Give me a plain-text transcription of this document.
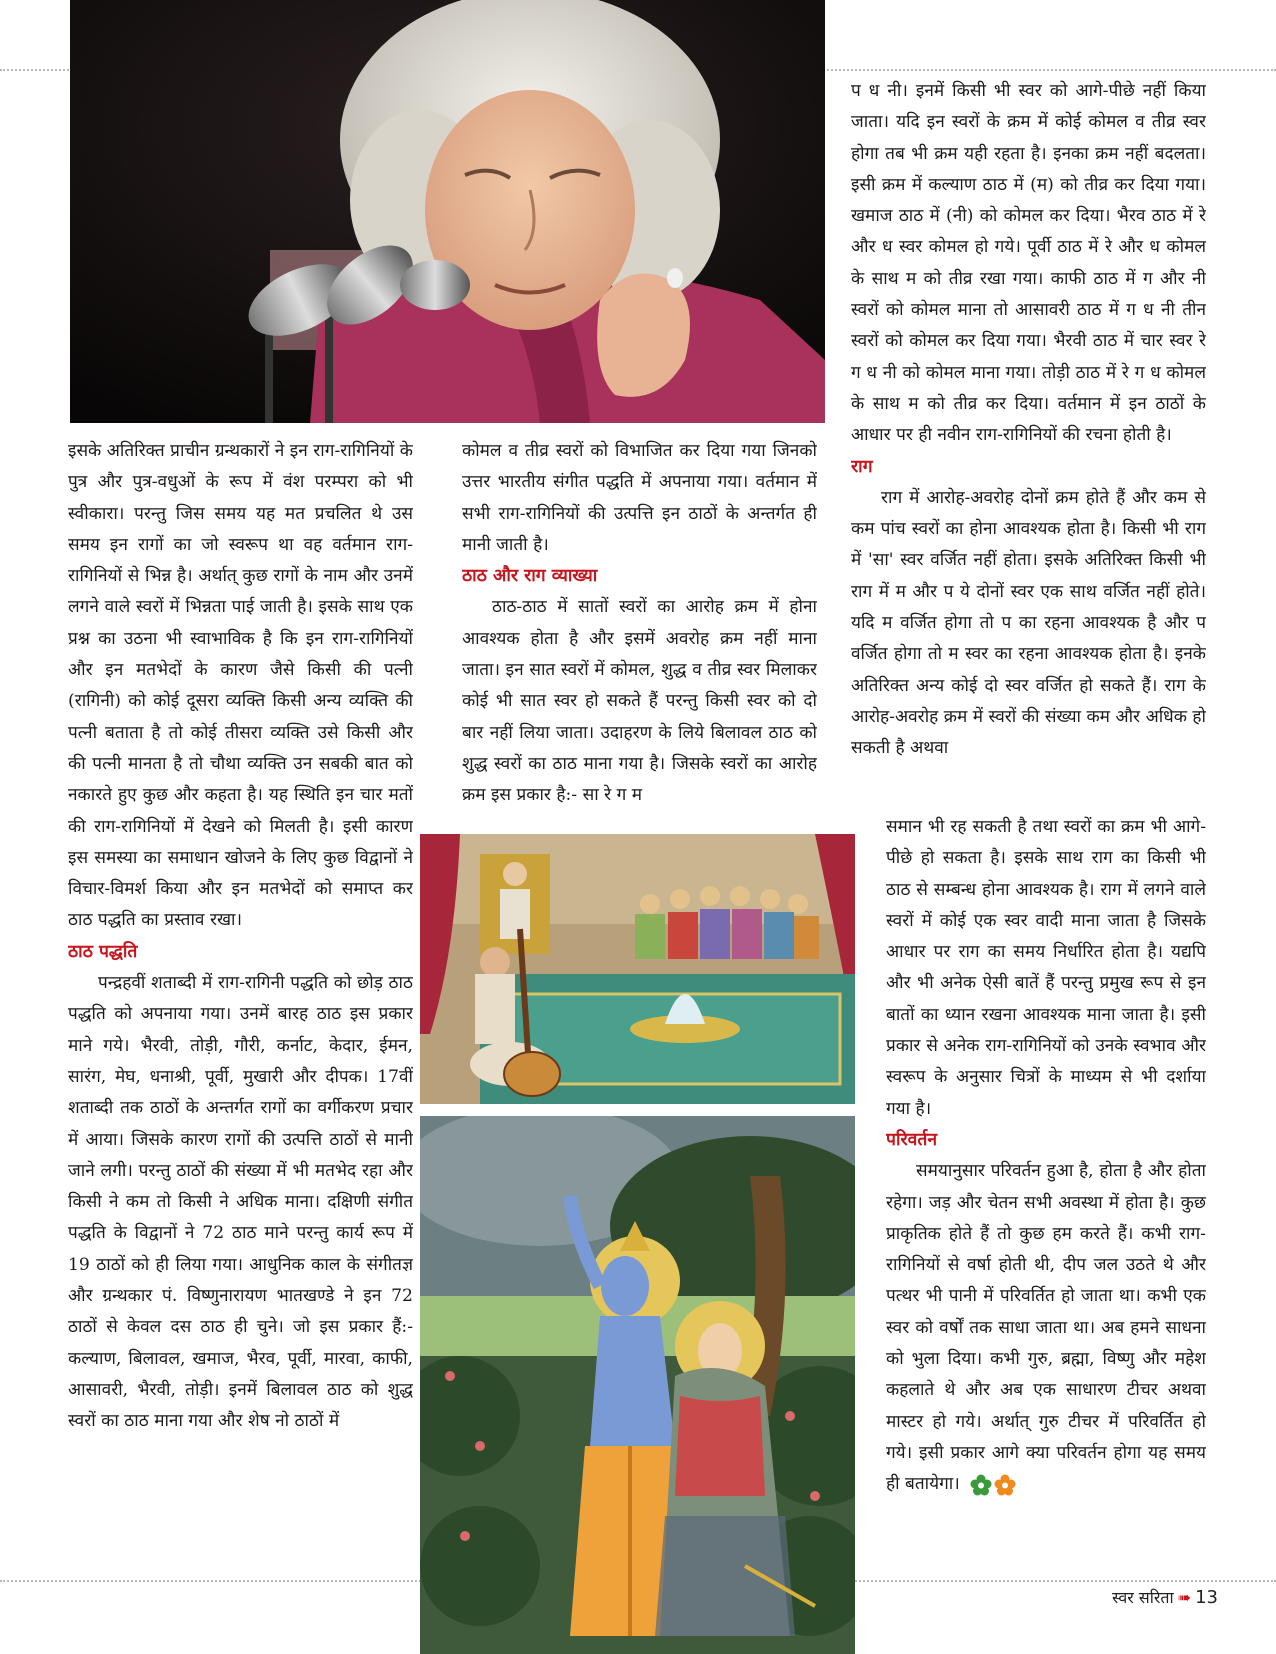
इसके अतिरिक्त प्राचीन ग्रन्थकारों ने इन राग-रागिनियों के पुत्र और पुत्र-वधुओं के रूप में वंश परम्परा को भी स्वीकारा। परन्तु जिस समय यह मत प्रचलित थे उस समय इन रागों का जो स्वरूप था वह वर्तमान राग-रागिनियों से भिन्न है। अर्थात् कुछ रागों के नाम और उनमें लगने वाले स्वरों में भिन्नता पाई जाती है। इसके साथ एक प्रश्न का उठना भी स्वाभाविक है कि इन राग-रागिनियों और इन मतभेदों के कारण जैसे किसी की पत्नी (रागिनी) को कोई दूसरा व्यक्ति किसी अन्य व्यक्ति की पत्नी बताता है तो कोई तीसरा व्यक्ति उसे किसी और की पत्नी मानता है तो चौथा व्यक्ति उन सबकी बात को नकारते हुए कुछ और कहता है। यह स्थिति इन चार मतों की राग-रागिनियों में देखने को मिलती है। इसी कारण इस समस्या का समाधान खोजने के लिए कुछ विद्वानों ने विचार-विमर्श किया और इन मतभेदों को समाप्त कर ठाठ पद्धति का प्रस्ताव रखा।

ठाठ पद्धति

पन्द्रहवीं शताब्दी में राग-रागिनी पद्धति को छोड़ ठाठ पद्धति को अपनाया गया। उनमें बारह ठाठ इस प्रकार माने गये। भैरवी, तोड़ी, गौरी, कर्नाट, केदार, ईमन, सारंग, मेघ, धनाश्री, पूर्वी, मुखारी और दीपक। 17वीं शताब्दी तक ठाठों के अन्तर्गत रागों का वर्गीकरण प्रचार में आया। जिसके कारण रागों की उत्पत्ति ठाठों से मानी जाने लगी। परन्तु ठाठों की संख्या में भी मतभेद रहा और किसी ने कम तो किसी ने अधिक माना। दक्षिणी संगीत पद्धति के विद्वानों ने 72 ठाठ माने परन्तु कार्य रूप में 19 ठाठों को ही लिया गया। आधुनिक काल के संगीतज्ञ और ग्रन्थकार पं. विष्णुनारायण भातखण्डे ने इन 72 ठाठों से केवल दस ठाठ ही चुने। जो इस प्रकार हैं:- कल्याण, बिलावल, खमाज, भैरव, पूर्वी, मारवा, काफी, आसावरी, भैरवी, तोड़ी। इनमें बिलावल ठाठ को शुद्ध स्वरों का ठाठ माना गया और शेष नो ठाठों में

कोमल व तीव्र स्वरों को विभाजित कर दिया गया जिनको उत्तर भारतीय संगीत पद्धति में अपनाया गया। वर्तमान में सभी राग-रागिनियों की उत्पत्ति इन ठाठों के अन्तर्गत ही मानी जाती है।

ठाठ और राग व्याख्या

ठाठ-ठाठ में सातों स्वरों का आरोह क्रम में होना आवश्यक होता है और इसमें अवरोह क्रम नहीं माना जाता। इन सात स्वरों में कोमल, शुद्ध व तीव्र स्वर मिलाकर कोई भी सात स्वर हो सकते हैं परन्तु किसी स्वर को दो बार नहीं लिया जाता। उदाहरण के लिये बिलावल ठाठ को शुद्ध स्वरों का ठाठ माना गया है। जिसके स्वरों का आरोह क्रम इस प्रकार है:- सा रे ग म

प ध नी। इनमें किसी भी स्वर को आगे-पीछे नहीं किया जाता। यदि इन स्वरों के क्रम में कोई कोमल व तीव्र स्वर होगा तब भी क्रम यही रहता है। इनका क्रम नहीं बदलता। इसी क्रम में कल्याण ठाठ में (म) को तीव्र कर दिया गया। खमाज ठाठ में (नी) को कोमल कर दिया। भैरव ठाठ में रे और ध स्वर कोमल हो गये। पूर्वी ठाठ में रे और ध कोमल के साथ म को तीव्र रखा गया। काफी ठाठ में ग और नी स्वरों को कोमल माना तो आसावरी ठाठ में ग ध नी तीन स्वरों को कोमल कर दिया गया। भैरवी ठाठ में चार स्वर रे ग ध नी को कोमल माना गया। तोड़ी ठाठ में रे ग ध कोमल के साथ म को तीव्र कर दिया। वर्तमान में इन ठाठों के आधार पर ही नवीन राग-रागिनियों की रचना होती है।

राग

राग में आरोह-अवरोह दोनों क्रम होते हैं और कम से कम पांच स्वरों का होना आवश्यक होता है। किसी भी राग में 'सा' स्वर वर्जित नहीं होता। इसके अतिरिक्त किसी भी राग में म और प ये दोनों स्वर एक साथ वर्जित नहीं होते। यदि म वर्जित होगा तो प का रहना आवश्यक है और प वर्जित होगा तो म स्वर का रहना आवश्यक होता है। इनके अतिरिक्त अन्य कोई दो स्वर वर्जित हो सकते हैं। राग के आरोह-अवरोह क्रम में स्वरों की संख्या कम और अधिक हो सकती है अथवा

समान भी रह सकती है तथा स्वरों का क्रम भी आगे-पीछे हो सकता है। इसके साथ राग का किसी भी ठाठ से सम्बन्ध होना आवश्यक है। राग में लगने वाले स्वरों में कोई एक स्वर वादी माना जाता है जिसके आधार पर राग का समय निर्धारित होता है। यद्यपि और भी अनेक ऐसी बातें हैं परन्तु प्रमुख रूप से इन बातों का ध्यान रखना आवश्यक माना जाता है। इसी प्रकार से अनेक राग-रागिनियों को उनके स्वभाव और स्वरूप के अनुसार चित्रों के माध्यम से भी दर्शाया गया है।

परिवर्तन

समयानुसार परिवर्तन हुआ है, होता है और होता रहेगा। जड़ और चेतन सभी अवस्था में होता है। कुछ प्राकृतिक होते हैं तो कुछ हम करते हैं। कभी राग-रागिनियों से वर्षा होती थी, दीप जल उठते थे और पत्थर भी पानी में परिवर्तित हो जाता था। कभी एक स्वर को वर्षों तक साधा जाता था। अब हमने साधना को भुला दिया। कभी गुरु, ब्रह्मा, विष्णु और महेश कहलाते थे और अब एक साधारण टीचर अथवा मास्टर हो गये। अर्थात् गुरु टीचर में परिवर्तित हो गये। इसी प्रकार आगे क्या परिवर्तन होगा यह समय ही बतायेगा।

स्वर सरिता ➠ 13
